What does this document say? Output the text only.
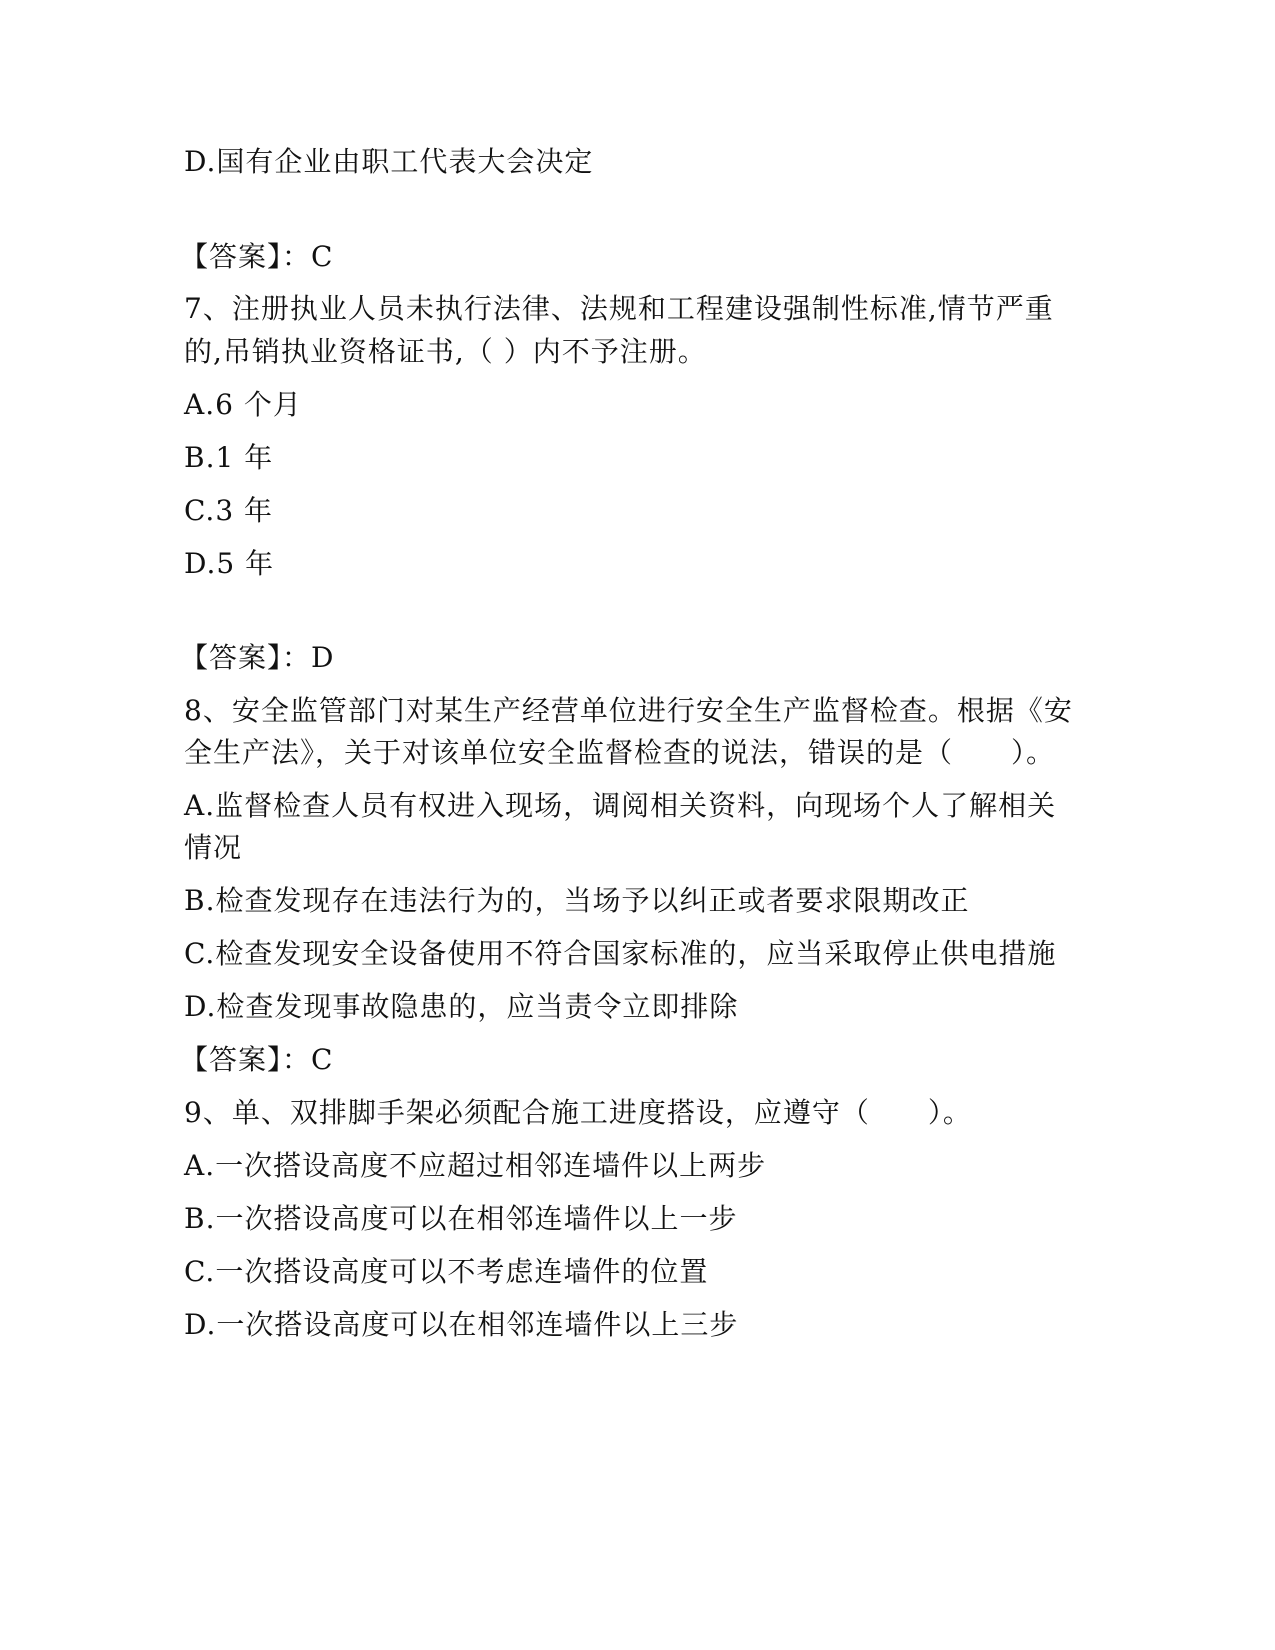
D.国有企业由职工代表大会决定
【答案】：C
7、注册执业人员未执行法律、法规和工程建设强制性标准,情节严重
的,吊销执业资格证书,（ ）内不予注册。
A.6 个月
B.1 年
C.3 年
D.5 年
【答案】：D
8、安全监管部门对某生产经营单位进行安全生产监督检查。根据《安
全生产法》，关于对该单位安全监督检查的说法，错误的是（　　）。
A.监督检查人员有权进入现场，调阅相关资料，向现场个人了解相关
情况
B.检查发现存在违法行为的，当场予以纠正或者要求限期改正
C.检查发现安全设备使用不符合国家标准的，应当采取停止供电措施
D.检查发现事故隐患的，应当责令立即排除
【答案】：C
9、单、双排脚手架必须配合施工进度搭设，应遵守（　　）。
A.一次搭设高度不应超过相邻连墙件以上两步
B.一次搭设高度可以在相邻连墙件以上一步
C.一次搭设高度可以不考虑连墙件的位置
D.一次搭设高度可以在相邻连墙件以上三步
